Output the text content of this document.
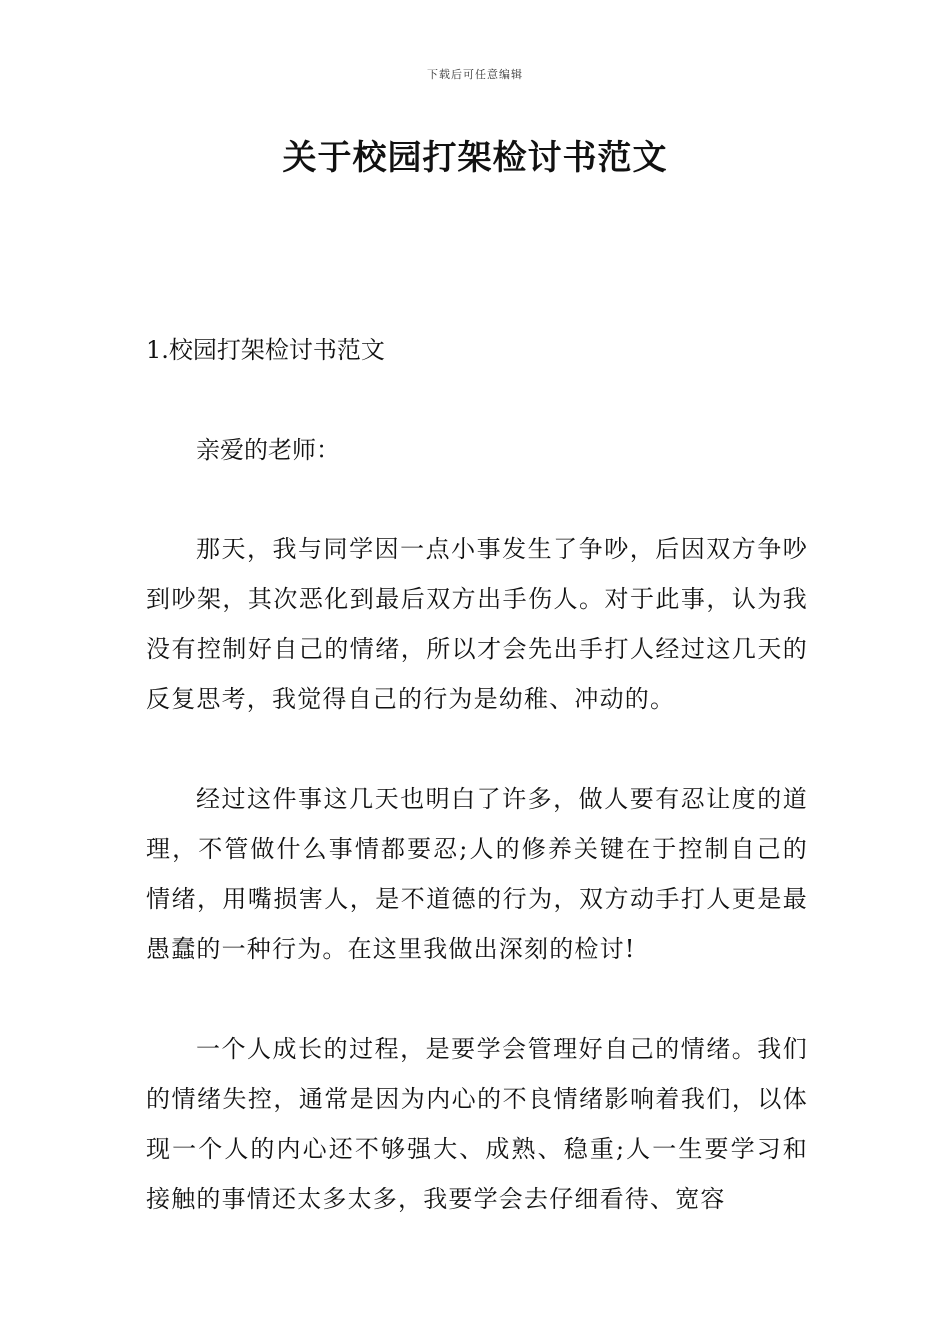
下载后可任意编辑
关于校园打架检讨书范文

1.校园打架检讨书范文

亲爱的老师：

那天，我与同学因一点小事发生了争吵，后因双方争吵到吵架，其次恶化到最后双方出手伤人。对于此事，认为我没有控制好自己的情绪，所以才会先出手打人经过这几天的反复思考，我觉得自己的行为是幼稚、冲动的。

经过这件事这几天也明白了许多，做人要有忍让度的道理，不管做什么事情都要忍;人的修养关键在于控制自己的情绪，用嘴损害人，是不道德的行为，双方动手打人更是最愚蠢的一种行为。在这里我做出深刻的检讨!

一个人成长的过程，是要学会管理好自己的情绪。我们的情绪失控，通常是因为内心的不良情绪影响着我们，以体现一个人的内心还不够强大、成熟、稳重;人一生要学习和接触的事情还太多太多，我要学会去仔细看待、宽容
